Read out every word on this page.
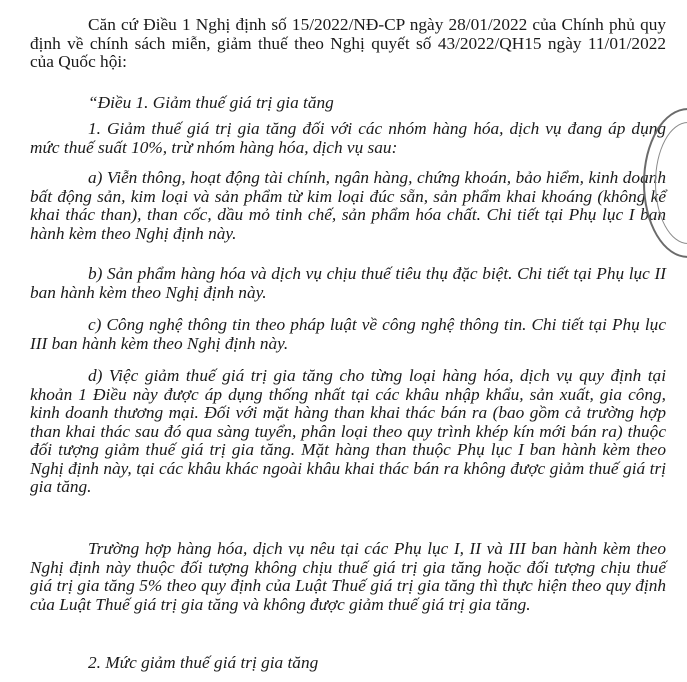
Căn cứ Điều 1 Nghị định số 15/2022/NĐ-CP ngày 28/01/2022 của Chính phủ quy định về chính sách miễn, giảm thuế theo Nghị quyết số 43/2022/QH15 ngày 11/01/2022 của Quốc hội:

“Điều 1. Giảm thuế giá trị gia tăng

1. Giảm thuế giá trị gia tăng đối với các nhóm hàng hóa, dịch vụ đang áp dụng mức thuế suất 10%, trừ nhóm hàng hóa, dịch vụ sau:

a) Viễn thông, hoạt động tài chính, ngân hàng, chứng khoán, bảo hiểm, kinh doanh bất động sản, kim loại và sản phẩm từ kim loại đúc sẵn, sản phẩm khai khoáng (không kể khai thác than), than cốc, dầu mỏ tinh chế, sản phẩm hóa chất. Chi tiết tại Phụ lục I ban hành kèm theo Nghị định này.

b) Sản phẩm hàng hóa và dịch vụ chịu thuế tiêu thụ đặc biệt. Chi tiết tại Phụ lục II ban hành kèm theo Nghị định này.

c) Công nghệ thông tin theo pháp luật về công nghệ thông tin. Chi tiết tại Phụ lục III ban hành kèm theo Nghị định này.

d) Việc giảm thuế giá trị gia tăng cho từng loại hàng hóa, dịch vụ quy định tại khoản 1 Điều này được áp dụng thống nhất tại các khâu nhập khẩu, sản xuất, gia công, kinh doanh thương mại. Đối với mặt hàng than khai thác bán ra (bao gồm cả trường hợp than khai thác sau đó qua sàng tuyển, phân loại theo quy trình khép kín mới bán ra) thuộc đối tượng giảm thuế giá trị gia tăng. Mặt hàng than thuộc Phụ lục I ban hành kèm theo Nghị định này, tại các khâu khác ngoài khâu khai thác bán ra không được giảm thuế giá trị gia tăng.

Trường hợp hàng hóa, dịch vụ nêu tại các Phụ lục I, II và III ban hành kèm theo Nghị định này thuộc đối tượng không chịu thuế giá trị gia tăng hoặc đối tượng chịu thuế giá trị gia tăng 5% theo quy định của Luật Thuế giá trị gia tăng thì thực hiện theo quy định của Luật Thuế giá trị gia tăng và không được giảm thuế giá trị gia tăng.

2. Mức giảm thuế giá trị gia tăng
